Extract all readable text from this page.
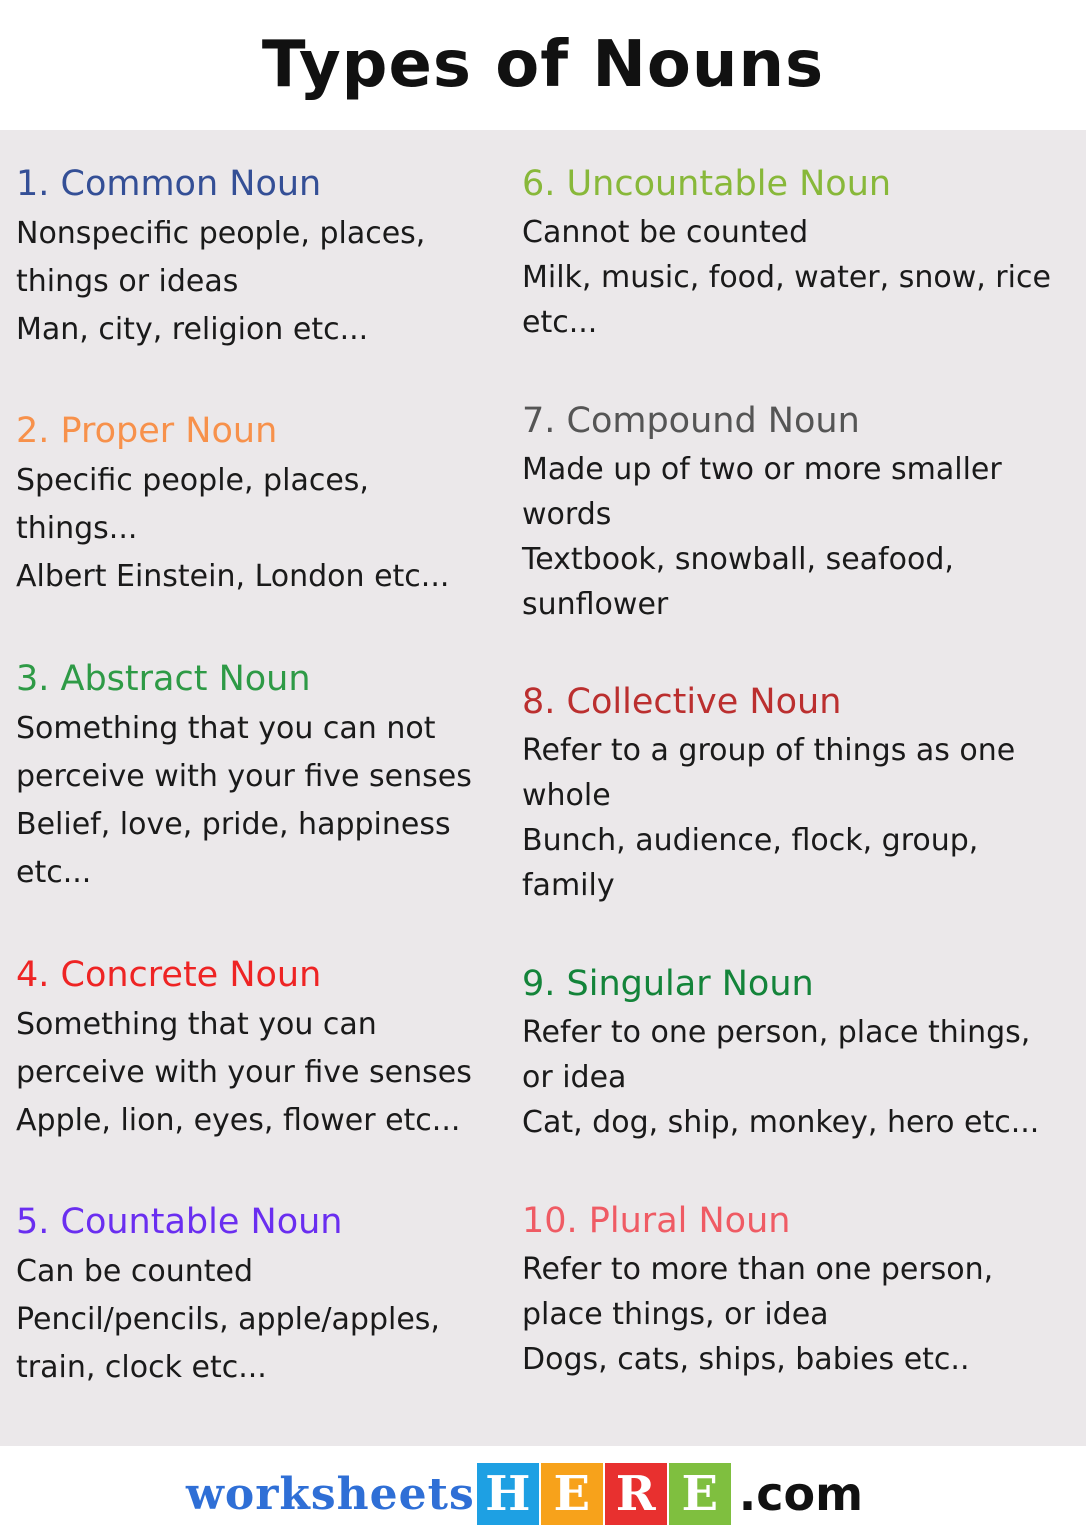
Types of Nouns
1. Common Noun

Nonspecific people, places,
things or ideas
Man, city, religion etc...

2. Proper Noun

Specific people, places,
things...
Albert Einstein, London etc...

3. Abstract Noun

Something that you can not
perceive with your five senses
Belief, love, pride, happiness
etc...

4. Concrete Noun

Something that you can
perceive with your five senses
Apple, lion, eyes, flower etc...

5. Countable Noun

Can be counted
Pencil/pencils, apple/apples,
train, clock etc...

6. Uncountable Noun

Cannot be counted
Milk, music, food, water, snow, rice
etc...

7. Compound Noun

Made up of two or more smaller
words
Textbook, snowball, seafood,
sunflower

8. Collective Noun

Refer to a group of things as one
whole
Bunch, audience, flock, group,
family

9. Singular Noun

Refer to one person, place things,
or idea
Cat, dog, ship, monkey, hero etc...

10. Plural Noun

Refer to more than one person,
place things, or idea
Dogs, cats, ships, babies etc..

worksheets H E R E .com
